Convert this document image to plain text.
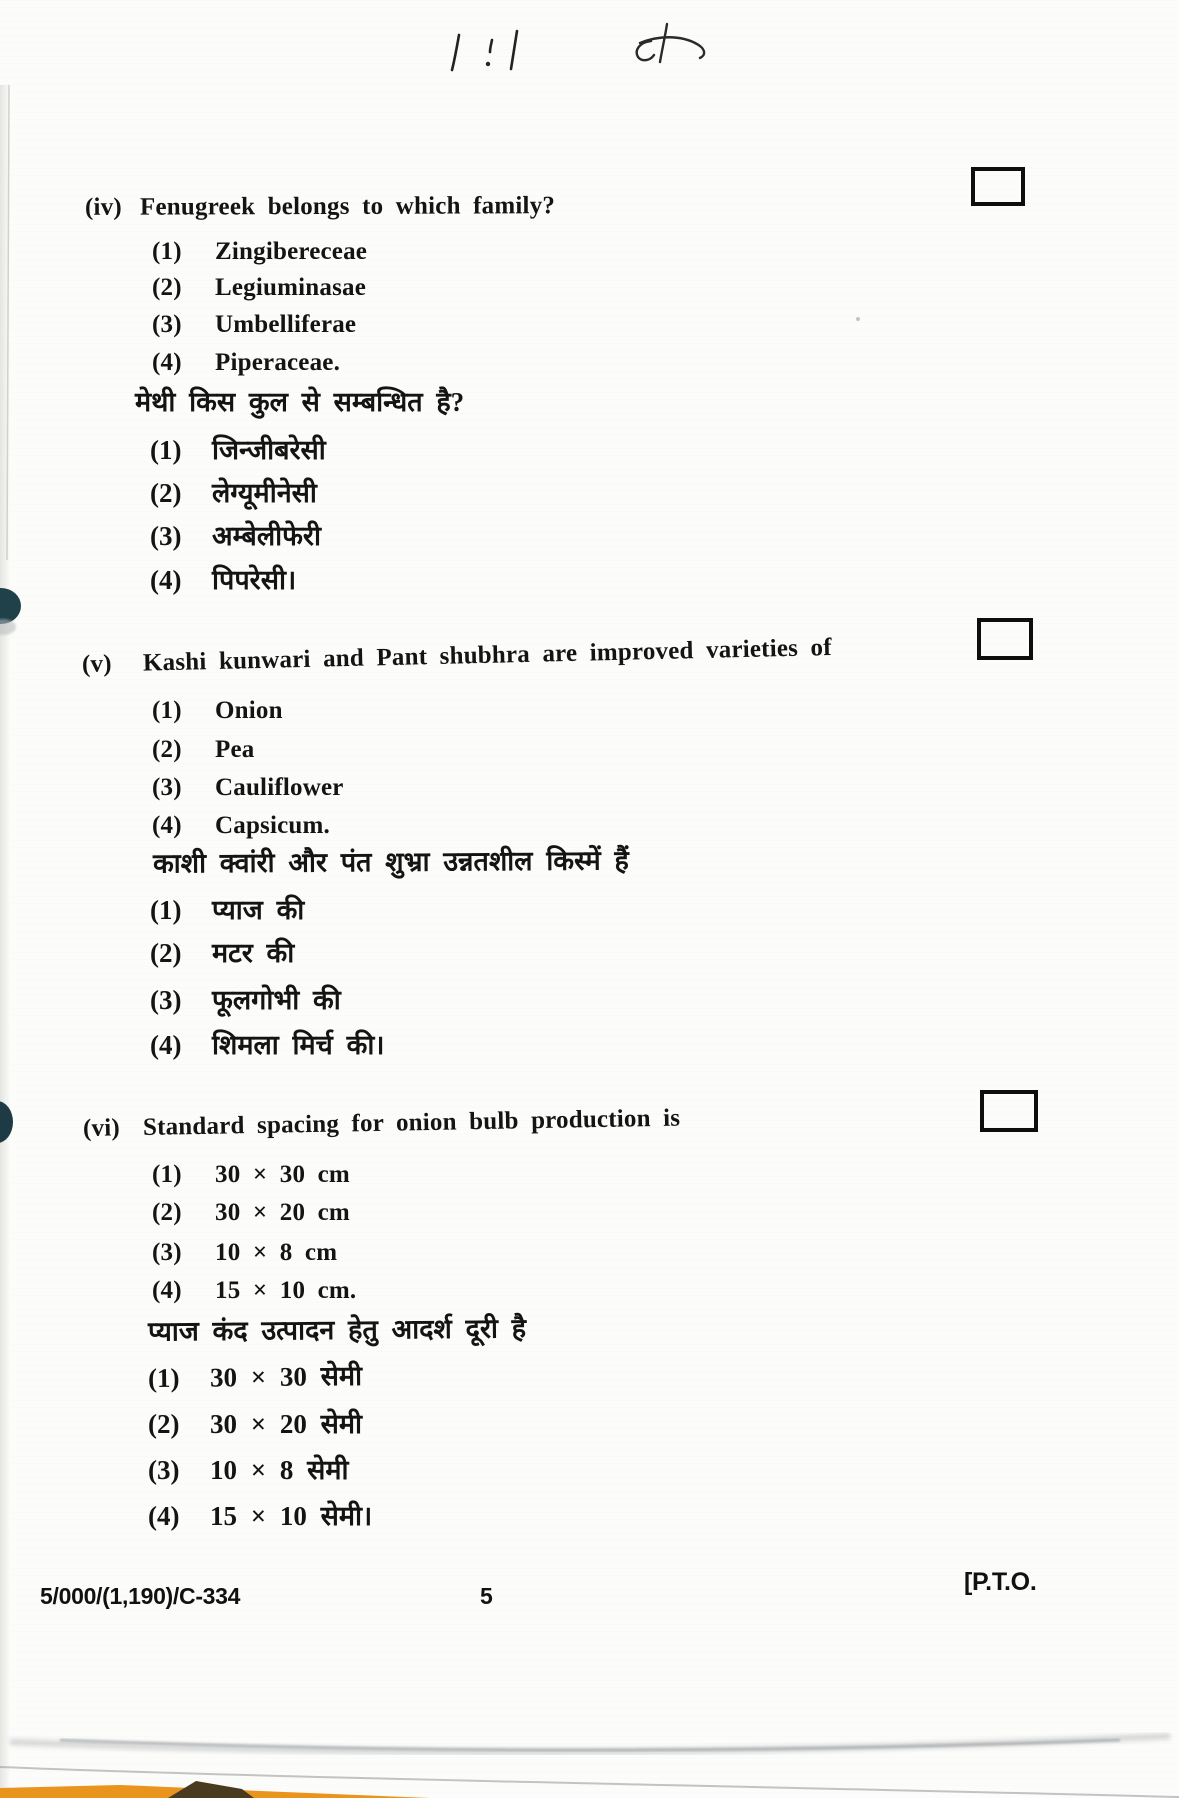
(iv) Fenugreek belongs to which family?
(1) Zingibereceae
(2) Legiuminasae
(3) Umbelliferae
(4) Piperaceae.
मेथी किस कुल से सम्बन्धित है?
(1) जिन्जीबरेसी
(2) लेग्यूमीनेसी
(3) अम्बेलीफेरी
(4) पिपरेसी।
(v) Kashi kunwari and Pant shubhra are improved varieties of
(1) Onion
(2) Pea
(3) Cauliflower
(4) Capsicum.
काशी क्वांरी और पंत शुभ्रा उन्नतशील किस्में हैं
(1) प्याज की
(2) मटर की
(3) फूलगोभी की
(4) शिमला मिर्च की।
(vi) Standard spacing for onion bulb production is
(1) 30 × 30 cm
(2) 30 × 20 cm
(3) 10 × 8 cm
(4) 15 × 10 cm.
प्याज कंद उत्पादन हेतु आदर्श दूरी है
(1) 30 × 30 सेमी
(2) 30 × 20 सेमी
(3) 10 × 8 सेमी
(4) 15 × 10 सेमी।
5/000/(1,190)/C-334	5	[P.T.O.
